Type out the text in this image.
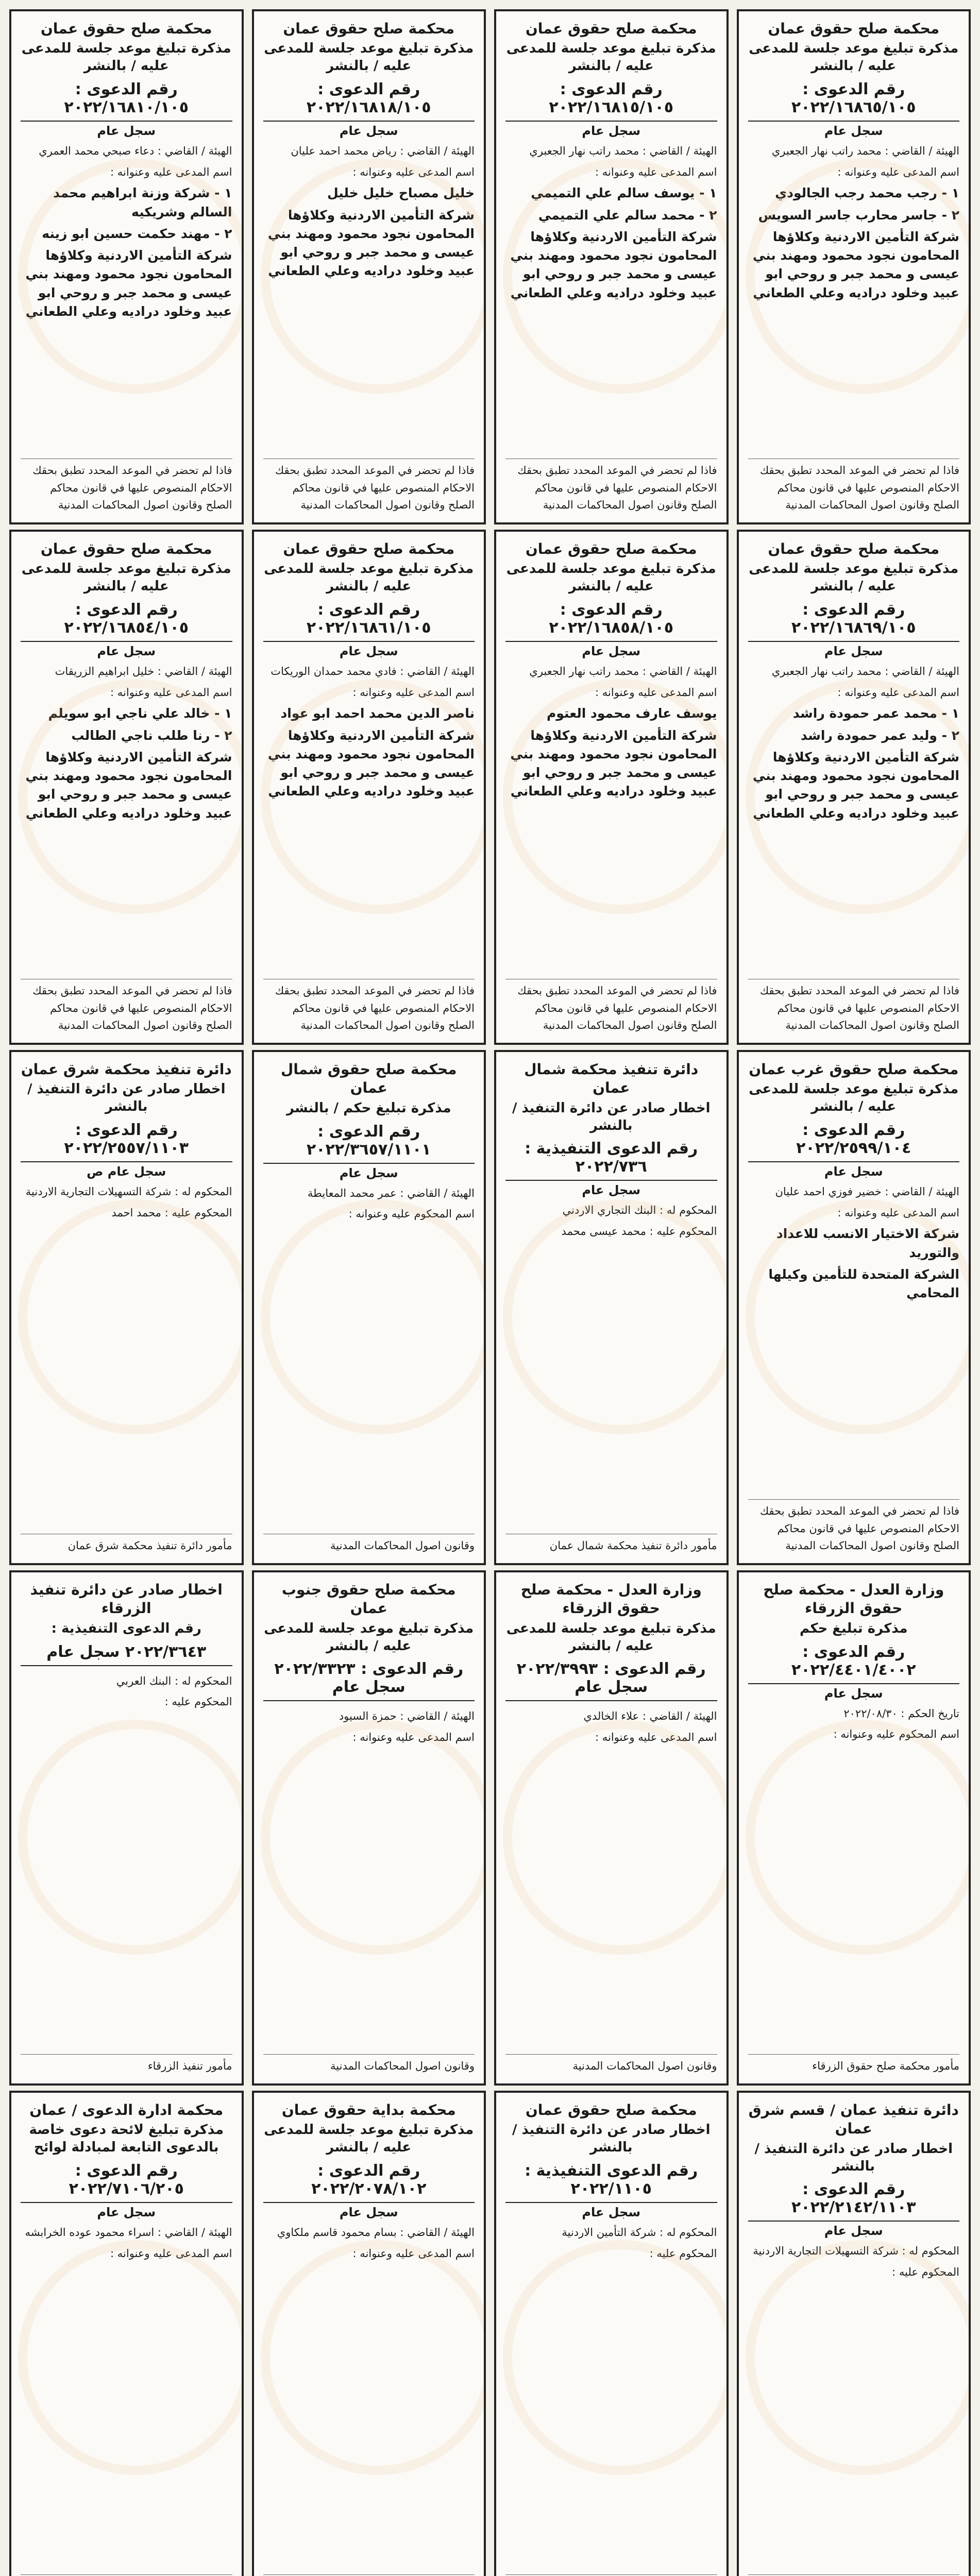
محكمة صلح حقوق عمان
مذكرة تبليغ موعد جلسة للمدعى عليه / بالنشر
رقم الدعوى : ٢٠٢٢/١٦٨٦٥/١٠٥
سجل عام

الهيئة / القاضي : محمد راتب نهار الجعبري

اسم المدعى عليه وعنوانه :

١ - رجب محمد رجب الجالودي

٢ - جاسر محارب جاسر السويس

شركة التأمين الاردنية وكلاؤها المحامون نجود محمود ومهند بني عيسى و محمد جبر و روحي ابو عبيد وخلود دراديه وعلي الطعاني
فاذا لم تحضر في الموعد المحدد تطبق بحقك الاحكام المنصوص عليها في قانون محاكم الصلح وقانون اصول المحاكمات المدنية
محكمة صلح حقوق عمان
مذكرة تبليغ موعد جلسة للمدعى عليه / بالنشر
رقم الدعوى : ٢٠٢٢/١٦٨١٥/١٠٥
سجل عام

الهيئة / القاضي : محمد راتب نهار الجعبري

اسم المدعى عليه وعنوانه :

١ - يوسف سالم علي التميمي

٢ - محمد سالم علي التميمي

شركة التأمين الاردنية وكلاؤها المحامون نجود محمود ومهند بني عيسى و محمد جبر و روحي ابو عبيد وخلود دراديه وعلي الطعاني
فاذا لم تحضر في الموعد المحدد تطبق بحقك الاحكام المنصوص عليها في قانون محاكم الصلح وقانون اصول المحاكمات المدنية
محكمة صلح حقوق عمان
مذكرة تبليغ موعد جلسة للمدعى عليه / بالنشر
رقم الدعوى : ٢٠٢٢/١٦٨١٨/١٠٥
سجل عام

الهيئة / القاضي : رياض محمد احمد عليان

اسم المدعى عليه وعنوانه :

خليل مصباح خليل خليل

شركة التأمين الاردنية وكلاؤها المحامون نجود محمود ومهند بني عيسى و محمد جبر و روحي ابو عبيد وخلود دراديه وعلي الطعاني
فاذا لم تحضر في الموعد المحدد تطبق بحقك الاحكام المنصوص عليها في قانون محاكم الصلح وقانون اصول المحاكمات المدنية
محكمة صلح حقوق عمان
مذكرة تبليغ موعد جلسة للمدعى عليه / بالنشر
رقم الدعوى : ٢٠٢٢/١٦٨١٠/١٠٥
سجل عام

الهيئة / القاضي : دعاء صبحي محمد العمري

اسم المدعى عليه وعنوانه :

١ - شركة وزنة ابراهيم محمد السالم وشريكيه

٢ - مهند حكمت حسين ابو زينه

شركة التأمين الاردنية وكلاؤها المحامون نجود محمود ومهند بني عيسى و محمد جبر و روحي ابو عبيد وخلود دراديه وعلي الطعاني
فاذا لم تحضر في الموعد المحدد تطبق بحقك الاحكام المنصوص عليها في قانون محاكم الصلح وقانون اصول المحاكمات المدنية
محكمة صلح حقوق عمان
مذكرة تبليغ موعد جلسة للمدعى عليه / بالنشر
رقم الدعوى : ٢٠٢٢/١٦٨٦٩/١٠٥
سجل عام

الهيئة / القاضي : محمد راتب نهار الجعبري

اسم المدعى عليه وعنوانه :

١ - محمد عمر حمودة راشد

٢ - وليد عمر حمودة راشد

شركة التأمين الاردنية وكلاؤها المحامون نجود محمود ومهند بني عيسى و محمد جبر و روحي ابو عبيد وخلود دراديه وعلي الطعاني
فاذا لم تحضر في الموعد المحدد تطبق بحقك الاحكام المنصوص عليها في قانون محاكم الصلح وقانون اصول المحاكمات المدنية
محكمة صلح حقوق عمان
مذكرة تبليغ موعد جلسة للمدعى عليه / بالنشر
رقم الدعوى : ٢٠٢٢/١٦٨٥٨/١٠٥
سجل عام

الهيئة / القاضي : محمد راتب نهار الجعبري

اسم المدعى عليه وعنوانه :

يوسف عارف محمود العتوم

شركة التأمين الاردنية وكلاؤها المحامون نجود محمود ومهند بني عيسى و محمد جبر و روحي ابو عبيد وخلود دراديه وعلي الطعاني
فاذا لم تحضر في الموعد المحدد تطبق بحقك الاحكام المنصوص عليها في قانون محاكم الصلح وقانون اصول المحاكمات المدنية
محكمة صلح حقوق عمان
مذكرة تبليغ موعد جلسة للمدعى عليه / بالنشر
رقم الدعوى : ٢٠٢٢/١٦٨٦١/١٠٥
سجل عام

الهيئة / القاضي : فادي محمد حمدان الوريكات

اسم المدعى عليه وعنوانه :

ناصر الدين محمد احمد ابو عواد

شركة التأمين الاردنية وكلاؤها المحامون نجود محمود ومهند بني عيسى و محمد جبر و روحي ابو عبيد وخلود دراديه وعلي الطعاني
فاذا لم تحضر في الموعد المحدد تطبق بحقك الاحكام المنصوص عليها في قانون محاكم الصلح وقانون اصول المحاكمات المدنية
محكمة صلح حقوق عمان
مذكرة تبليغ موعد جلسة للمدعى عليه / بالنشر
رقم الدعوى : ٢٠٢٢/١٦٨٥٤/١٠٥
سجل عام

الهيئة / القاضي : خليل ابراهيم الزريقات

اسم المدعى عليه وعنوانه :

١ - خالد علي ناجي ابو سويلم

٢ - رنا طلب ناجي الطالب

شركة التأمين الاردنية وكلاؤها المحامون نجود محمود ومهند بني عيسى و محمد جبر و روحي ابو عبيد وخلود دراديه وعلي الطعاني
فاذا لم تحضر في الموعد المحدد تطبق بحقك الاحكام المنصوص عليها في قانون محاكم الصلح وقانون اصول المحاكمات المدنية
محكمة صلح حقوق غرب عمان
مذكرة تبليغ موعد جلسة للمدعى عليه / بالنشر
رقم الدعوى : ٢٠٢٢/٢٥٩٩/١٠٤
سجل عام

الهيئة / القاضي : خضير فوزي احمد عليان

اسم المدعى عليه وعنوانه :

شركة الاختيار الانسب للاعداد والتوريد

الشركة المتحدة للتأمين وكيلها المحامي
فاذا لم تحضر في الموعد المحدد تطبق بحقك الاحكام المنصوص عليها في قانون محاكم الصلح وقانون اصول المحاكمات المدنية
دائرة تنفيذ محكمة شمال عمان
اخطار صادر عن دائرة التنفيذ / بالنشر
رقم الدعوى التنفيذية : ٢٠٢٢/٧٣٦
سجل عام

المحكوم له : البنك التجاري الاردني

المحكوم عليه : محمد عيسى محمد

مأمور دائرة تنفيذ محكمة شمال عمان
محكمة صلح حقوق شمال عمان
مذكرة تبليغ حكم / بالنشر
رقم الدعوى : ٢٠٢٢/٣٦٥٧/١١٠١
سجل عام

الهيئة / القاضي : عمر محمد المعايطة

اسم المحكوم عليه وعنوانه :

وقانون اصول المحاكمات المدنية
دائرة تنفيذ محكمة شرق عمان
اخطار صادر عن دائرة التنفيذ / بالنشر
رقم الدعوى : ٢٠٢٢/٢٥٥٧/١١٠٣
سجل عام ص

المحكوم له : شركة التسهيلات التجارية الاردنية

المحكوم عليه : محمد احمد

مأمور دائرة تنفيذ محكمة شرق عمان
وزارة العدل - محكمة صلح حقوق الزرقاء
مذكرة تبليغ حكم
رقم الدعوى : ٢٠٢٢/٤٤٠١/٤٠٠٢
سجل عام

تاريخ الحكم : ٢٠٢٢/٠٨/٣٠

اسم المحكوم عليه وعنوانه :

مأمور محكمة صلح حقوق الزرقاء
وزارة العدل - محكمة صلح حقوق الزرقاء
مذكرة تبليغ موعد جلسة للمدعى عليه / بالنشر
رقم الدعوى : ٢٠٢٢/٣٩٩٣ سجل عام

الهيئة / القاضي : علاء الخالدي

اسم المدعى عليه وعنوانه :

وقانون اصول المحاكمات المدنية
محكمة صلح حقوق جنوب عمان
مذكرة تبليغ موعد جلسة للمدعى عليه / بالنشر
رقم الدعوى : ٢٠٢٢/٣٣٢٣ سجل عام

الهيئة / القاضي : حمزة السيود

اسم المدعى عليه وعنوانه :

وقانون اصول المحاكمات المدنية
اخطار صادر عن دائرة تنفيذ الزرقاء
رقم الدعوى التنفيذية :
٢٠٢٢/٣٦٤٣ سجل عام

المحكوم له : البنك العربي

المحكوم عليه :

مأمور تنفيذ الزرقاء
دائرة تنفيذ عمان / قسم شرق عمان
اخطار صادر عن دائرة التنفيذ / بالنشر
رقم الدعوى : ٢٠٢٢/٢١٤٢/١١٠٣
سجل عام

المحكوم له : شركة التسهيلات التجارية الاردنية

المحكوم عليه :

محكمة صلح حقوق عمان
اخطار صادر عن دائرة التنفيذ / بالنشر
رقم الدعوى التنفيذية : ٢٠٢٢/١١٠٥
سجل عام

المحكوم له : شركة التأمين الاردنية

المحكوم عليه :

محكمة بداية حقوق عمان
مذكرة تبليغ موعد جلسة للمدعى عليه / بالنشر
رقم الدعوى : ٢٠٢٢/٢٠٧٨/١٠٢
سجل عام

الهيئة / القاضي : بسام محمود قاسم ملكاوي

اسم المدعى عليه وعنوانه :

محكمة ادارة الدعوى / عمان
مذكرة تبليغ لائحة دعوى خاصة بالدعوى التابعة لمبادلة لوائح
رقم الدعوى : ٢٠٢٢/٧١٠٦/٢٠٥
سجل عام

الهيئة / القاضي : اسراء محمود عوده الخرابشه

اسم المدعى عليه وعنوانه :
